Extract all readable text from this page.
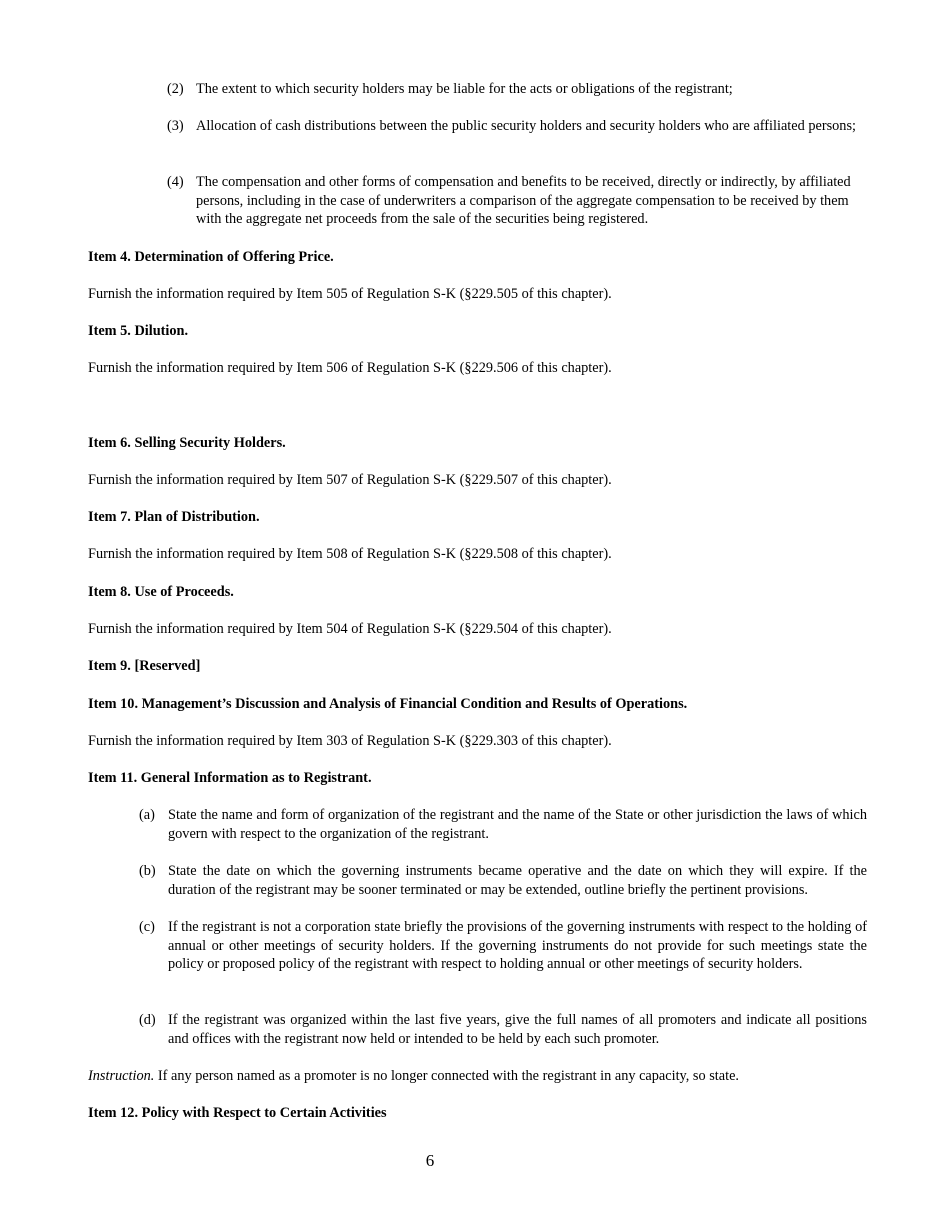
(2) The extent to which security holders may be liable for the acts or obligations of the registrant;
(3) Allocation of cash distributions between the public security holders and security holders who are affiliated persons;
(4) The compensation and other forms of compensation and benefits to be received, directly or indirectly, by affiliated persons, including in the case of underwriters a comparison of the aggregate compensation to be received by them with the aggregate net proceeds from the sale of the securities being registered.
Item 4. Determination of Offering Price.
Furnish the information required by Item 505 of Regulation S-K (§229.505 of this chapter).
Item 5. Dilution.
Furnish the information required by Item 506 of Regulation S-K (§229.506 of this chapter).
Item 6. Selling Security Holders.
Furnish the information required by Item 507 of Regulation S-K (§229.507 of this chapter).
Item 7. Plan of Distribution.
Furnish the information required by Item 508 of Regulation S-K (§229.508 of this chapter).
Item 8. Use of Proceeds.
Furnish the information required by Item 504 of Regulation S-K (§229.504 of this chapter).
Item 9. [Reserved]
Item 10. Management’s Discussion and Analysis of Financial Condition and Results of Operations.
Furnish the information required by Item 303 of Regulation S-K (§229.303 of this chapter).
Item 11. General Information as to Registrant.
(a) State the name and form of organization of the registrant and the name of the State or other jurisdiction the laws of which govern with respect to the organization of the registrant.
(b) State the date on which the governing instruments became operative and the date on which they will expire. If the duration of the registrant may be sooner terminated or may be extended, outline briefly the pertinent provisions.
(c) If the registrant is not a corporation state briefly the provisions of the governing instruments with respect to the holding of annual or other meetings of security holders. If the governing instruments do not provide for such meetings state the policy or proposed policy of the registrant with respect to holding annual or other meetings of security holders.
(d) If the registrant was organized within the last five years, give the full names of all promoters and indicate all positions and offices with the registrant now held or intended to be held by each such promoter.
Instruction. If any person named as a promoter is no longer connected with the registrant in any capacity, so state.
Item 12. Policy with Respect to Certain Activities
6
